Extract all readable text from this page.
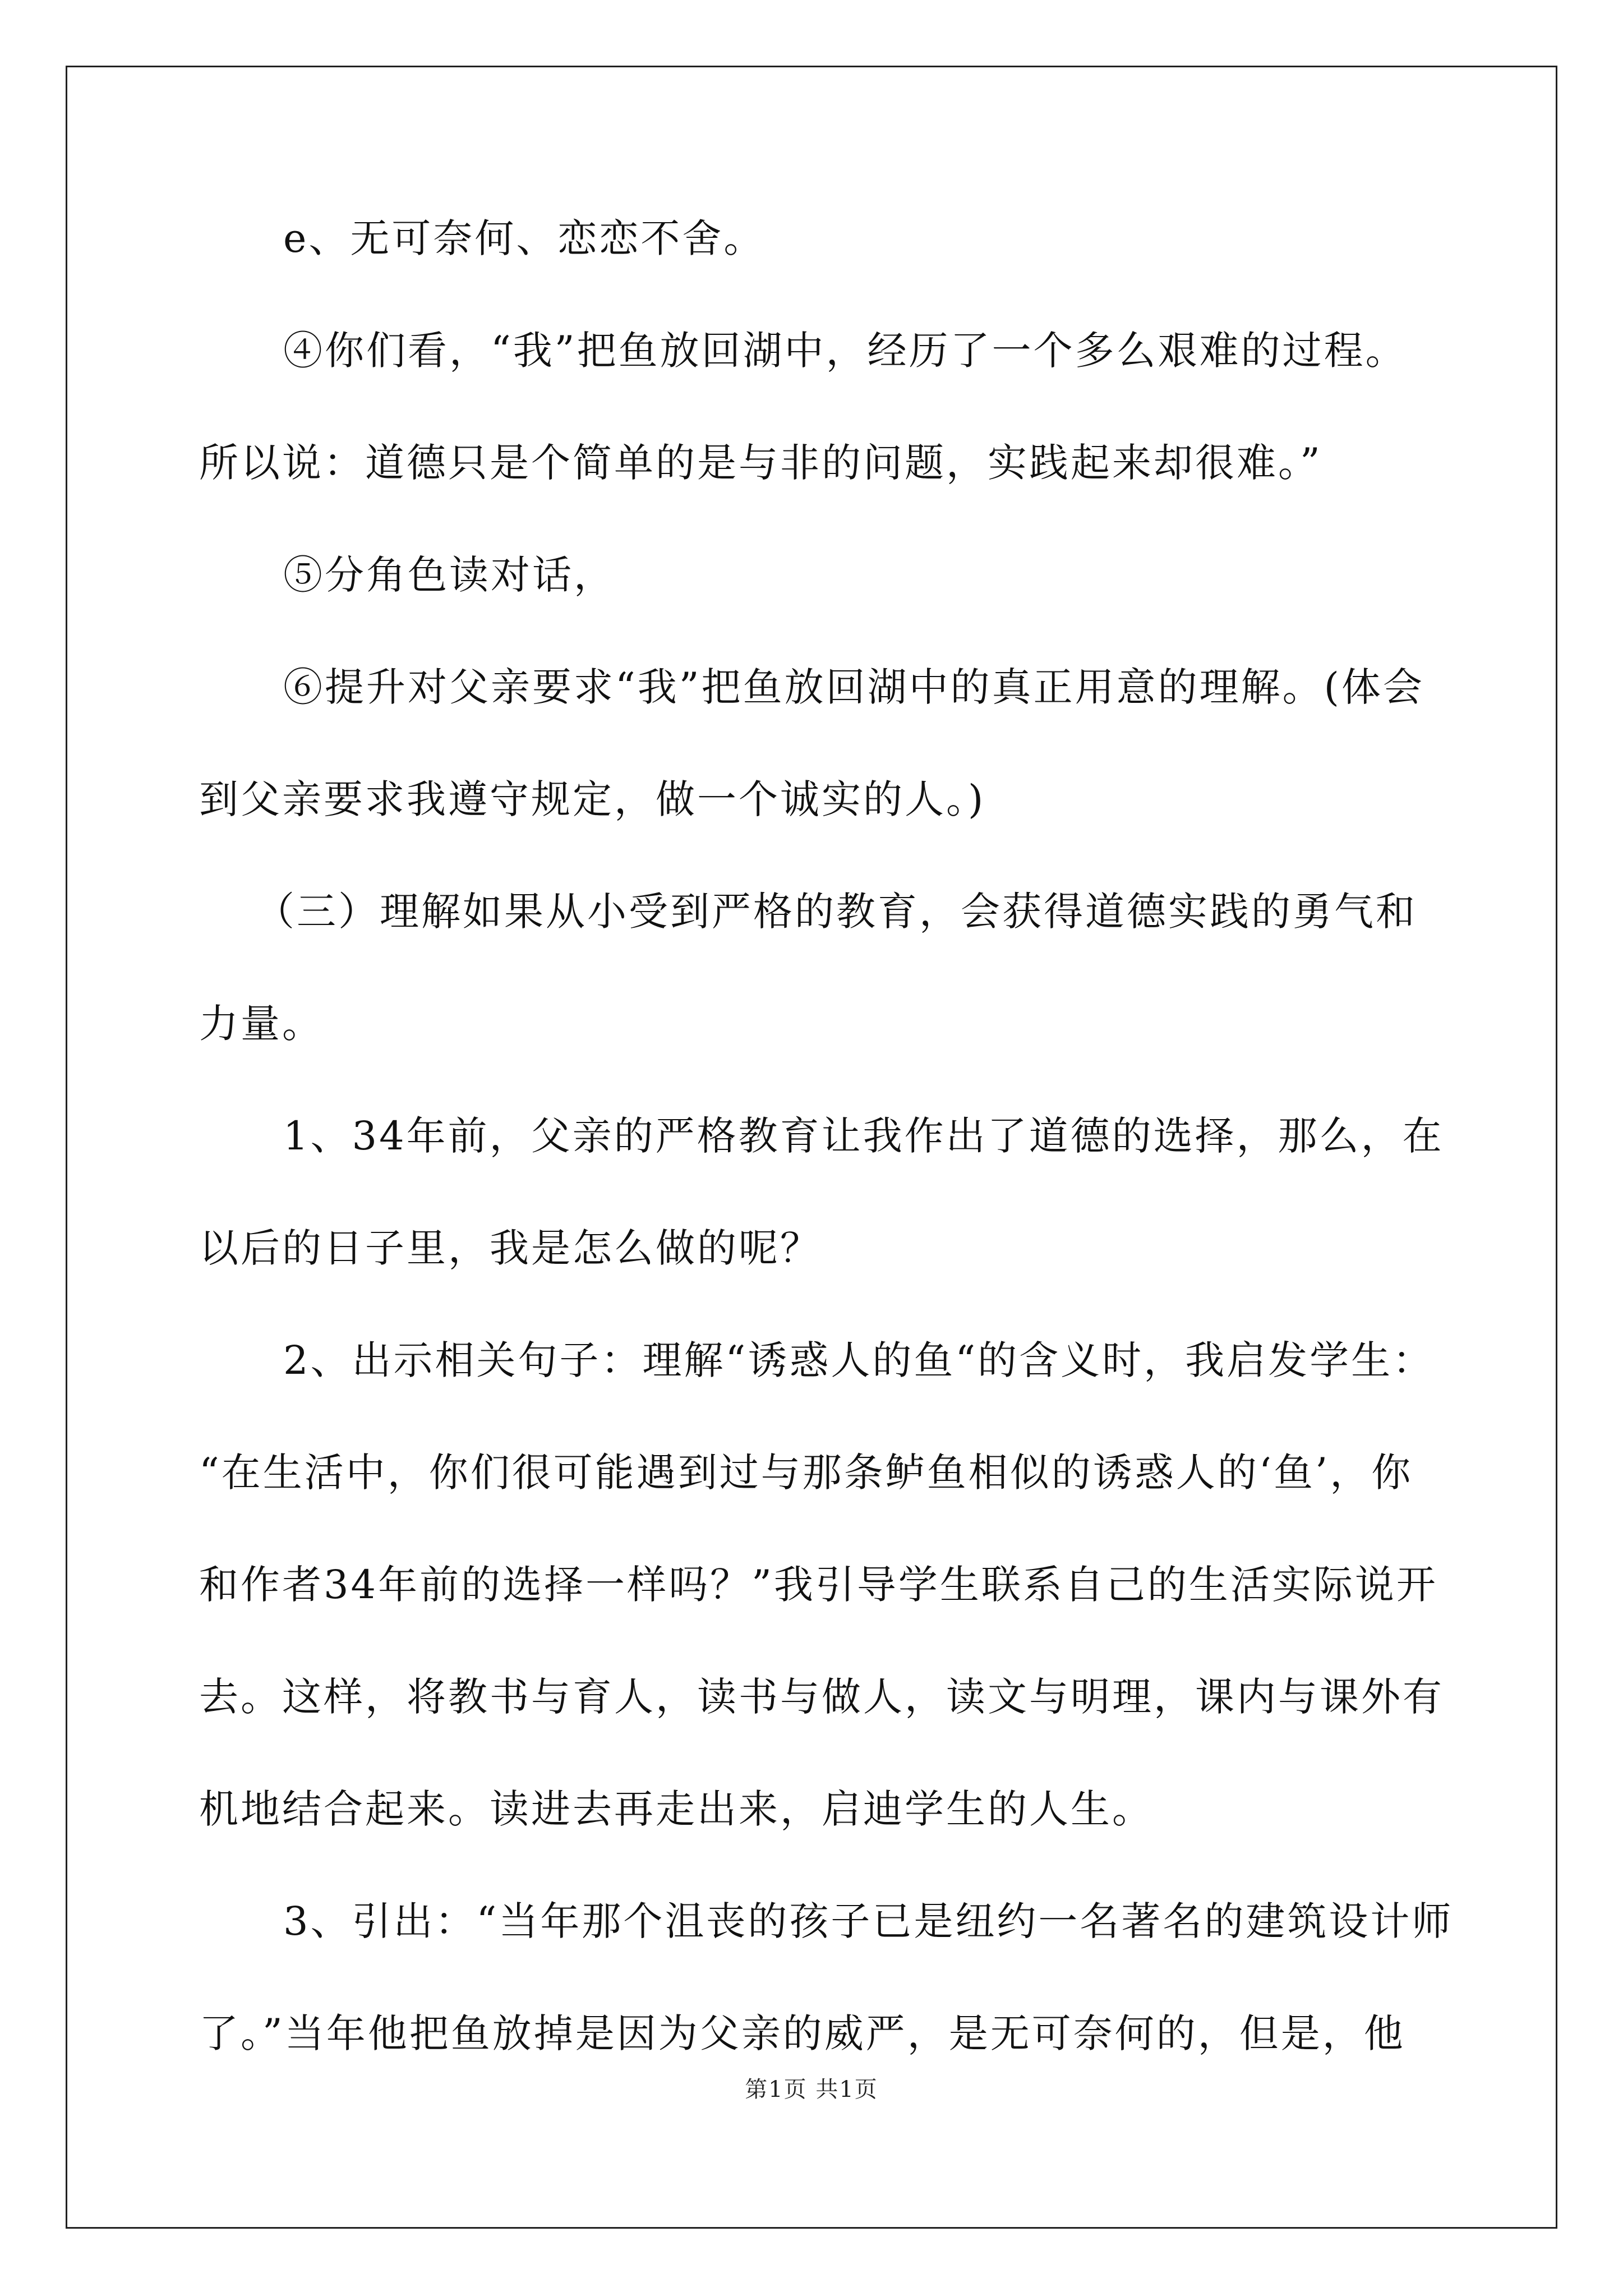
e、无可奈何、恋恋不舍。
④你们看，“我”把鱼放回湖中，经历了一个多么艰难的过程。
所以说：道德只是个简单的是与非的问题，实践起来却很难。”
⑤分角色读对话，
⑥提升对父亲要求“我”把鱼放回湖中的真正用意的理解。(体会
到父亲要求我遵守规定，做一个诚实的人。)
（三）理解如果从小受到严格的教育，会获得道德实践的勇气和
力量。
1、34年前，父亲的严格教育让我作出了道德的选择，那么，在
以后的日子里，我是怎么做的呢？
2、出示相关句子：理解“诱惑人的鱼“的含义时，我启发学生：
“在生活中，你们很可能遇到过与那条鲈鱼相似的诱惑人的‘鱼’，你
和作者34年前的选择一样吗？”我引导学生联系自己的生活实际说开
去。这样，将教书与育人，读书与做人，读文与明理，课内与课外有
机地结合起来。读进去再走出来，启迪学生的人生。
3、引出：“当年那个沮丧的孩子已是纽约一名著名的建筑设计师
了。”当年他把鱼放掉是因为父亲的威严，是无可奈何的，但是，他
第1页 共1页
